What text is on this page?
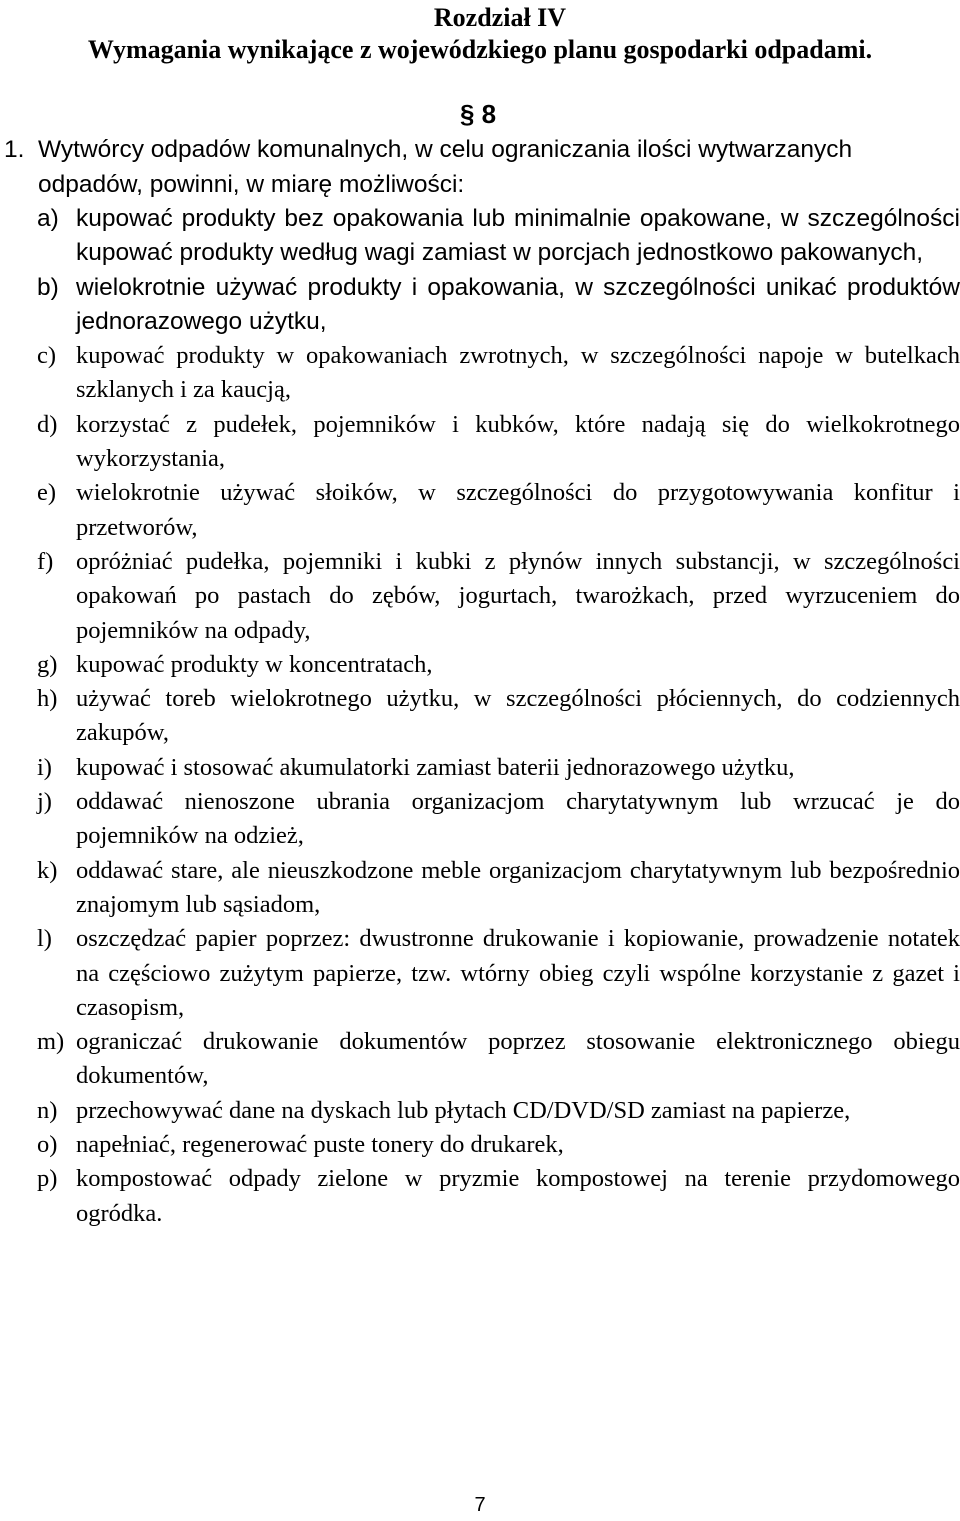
Rozdział IV
Wymagania wynikające z wojewódzkiego planu gospodarki odpadami.
§ 8
1. Wytwórcy odpadów komunalnych, w celu ograniczania ilości wytwarzanych odpadów, powinni, w miarę możliwości:
a) kupować produkty bez opakowania lub minimalnie opakowane, w szczególności kupować produkty według wagi zamiast w porcjach jednostkowo pakowanych,
b) wielokrotnie używać produkty i opakowania, w szczególności unikać produktów jednorazowego użytku,
c) kupować produkty w opakowaniach zwrotnych, w szczególności napoje w butelkach szklanych i za kaucją,
d) korzystać z pudełek, pojemników i kubków, które nadają się do wielkokrotnego wykorzystania,
e) wielokrotnie używać słoików, w szczególności do przygotowywania konfitur i przetworów,
f) opróżniać pudełka, pojemniki i kubki z płynów innych substancji, w szczególności opakowań po pastach do zębów, jogurtach, twarożkach, przed wyrzuceniem do pojemników na odpady,
g) kupować produkty w koncentratach,
h) używać toreb wielokrotnego użytku, w szczególności płóciennych, do codziennych zakupów,
i) kupować i stosować akumulatorki zamiast baterii jednorazowego użytku,
j) oddawać nienoszone ubrania organizacjom charytatywnym lub wrzucać je do pojemników na odzież,
k) oddawać stare, ale nieuszkodzone meble organizacjom charytatywnym lub bezpośrednio znajomym lub sąsiadom,
l) oszczędzać papier poprzez: dwustronne drukowanie i kopiowanie, prowadzenie notatek na częściowo zużytym papierze, tzw. wtórny obieg czyli wspólne korzystanie z gazet i czasopism,
m) ograniczać drukowanie dokumentów poprzez stosowanie elektronicznego obiegu dokumentów,
n) przechowywać dane na dyskach lub płytach CD/DVD/SD zamiast na papierze,
o) napełniać, regenerować puste tonery do drukarek,
p) kompostować odpady zielone w pryzmie kompostowej na terenie przydomowego ogródka.
7
